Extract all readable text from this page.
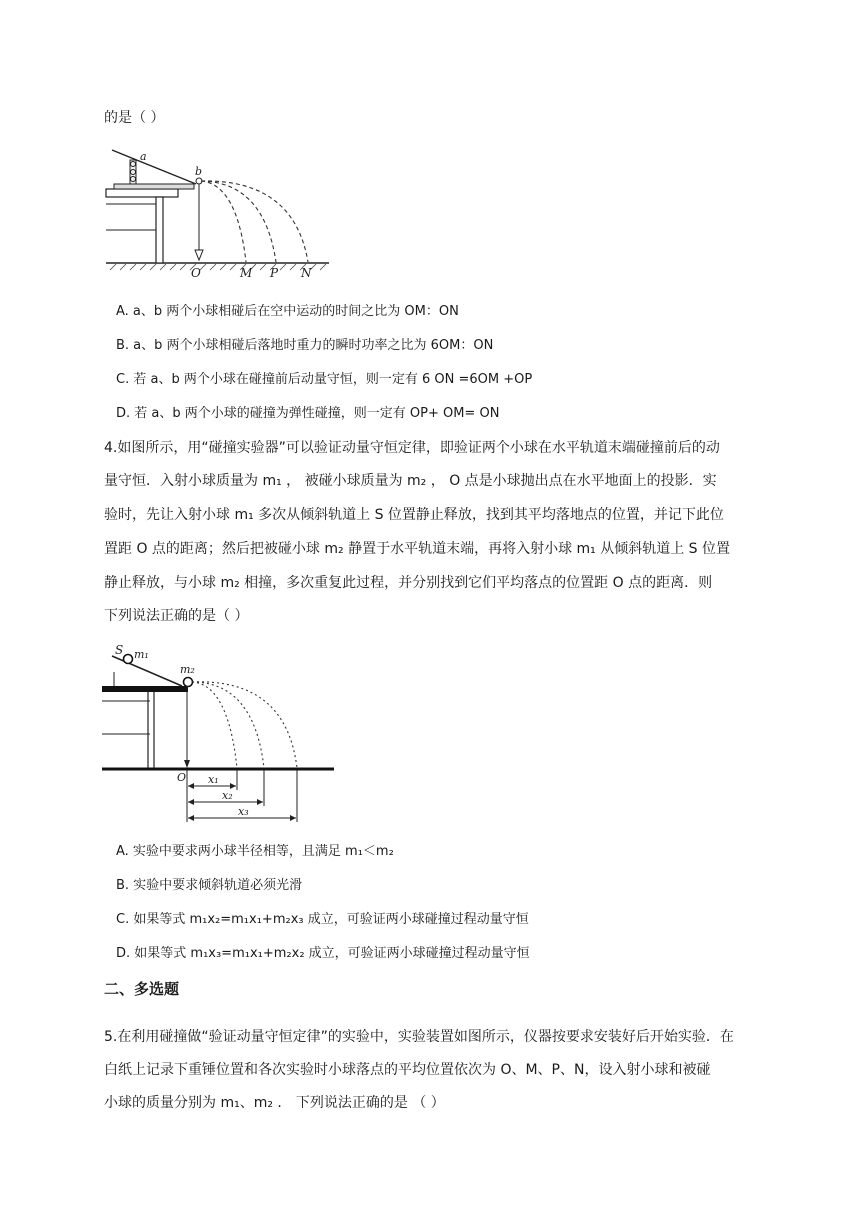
的是（ ）
a
b
O	M P N
A. a、b 两个小球相碰后在空中运动的时间之比为 OM：ON
B. a、b 两个小球相碰后落地时重力的瞬时功率之比为 6OM：ON
C. 若 a、b 两个小球在碰撞前后动量守恒，则一定有 6 ON =6OM +OP
D. 若 a、b 两个小球的碰撞为弹性碰撞，则一定有 OP+ OM= ON
4.如图所示，用“碰撞实验器”可以验证动量守恒定律，即验证两个小球在水平轨道末端碰撞前后的动
量守恒．入射小球质量为 m₁ ， 被碰小球质量为 m₂ ， O 点是小球抛出点在水平地面上的投影．实
验时，先让入射小球 m₁ 多次从倾斜轨道上 S 位置静止释放，找到其平均落地点的位置，并记下此位
置距 O 点的距离；然后把被碰小球 m₂ 静置于水平轨道末端，再将入射小球 m₁ 从倾斜轨道上 S 位置
静止释放，与小球 m₂ 相撞，多次重复此过程，并分别找到它们平均落点的位置距 O 点的距离．则
下列说法正确的是（ ）
S m₁
m₂
O x₁
x₂
x₃
A. 实验中要求两小球半径相等，且满足 m₁＜m₂
B. 实验中要求倾斜轨道必须光滑
C. 如果等式 m₁x₂=m₁x₁+m₂x₃ 成立，可验证两小球碰撞过程动量守恒
D. 如果等式 m₁x₃=m₁x₁+m₂x₂ 成立，可验证两小球碰撞过程动量守恒
二、多选题
5.在利用碰撞做“验证动量守恒定律”的实验中，实验装置如图所示，仪器按要求安装好后开始实验．在
白纸上记录下重锤位置和各次实验时小球落点的平均位置依次为 O、M、P、N，设入射小球和被碰
小球的质量分别为 m₁、m₂ ． 下列说法正确的是 （ ）
